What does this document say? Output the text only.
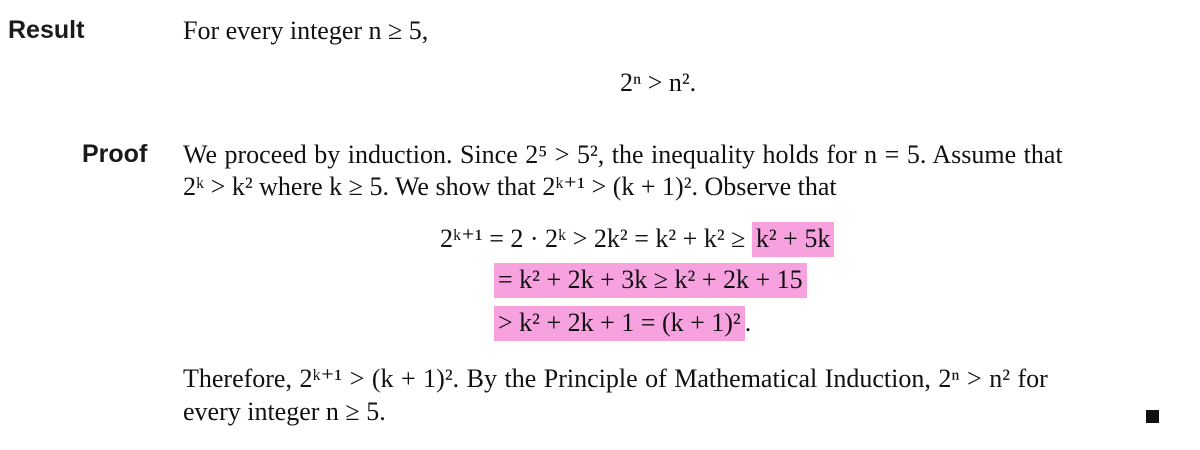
Result	For every integer n ≥ 5,
2ⁿ > n².
Proof We proceed by induction. Since 2⁵ > 5², the inequality holds for n = 5. Assume that
2ᵏ > k² where k ≥ 5. We show that 2ᵏ⁺¹ > (k + 1)². Observe that
2ᵏ⁺¹ = 2 · 2ᵏ > 2k² = k² + k² ≥ k² + 5k
= k² + 2k + 3k ≥ k² + 2k + 15
> k² + 2k + 1 = (k + 1)² .
Therefore, 2ᵏ⁺¹ > (k + 1)². By the Principle of Mathematical Induction, 2ⁿ > n² for
every integer n ≥ 5.
